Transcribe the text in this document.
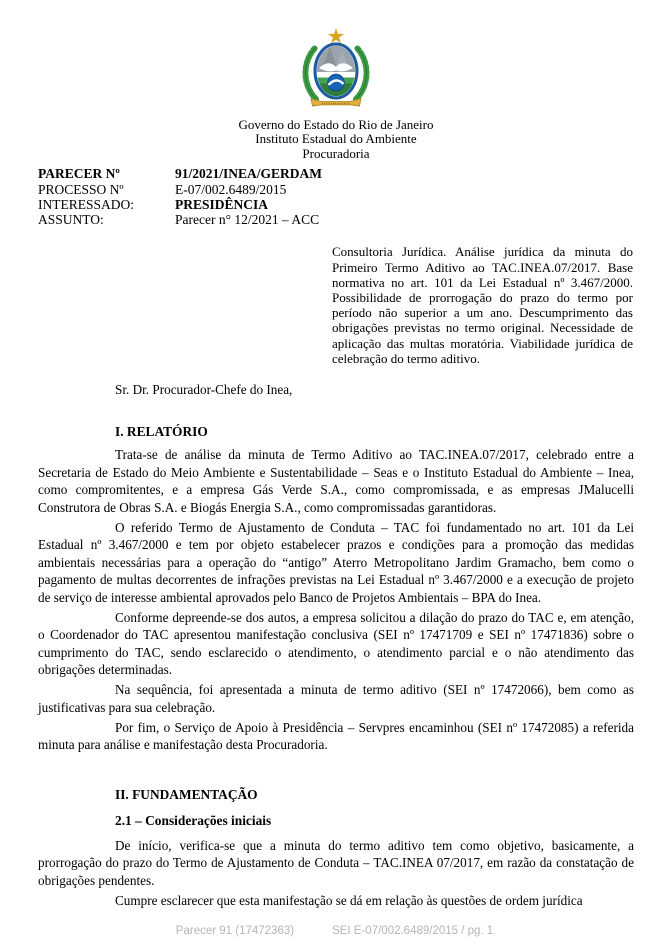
Governo do Estado do Rio de Janeiro
Instituto Estadual do Ambiente
Procuradoria
PARECER Nº	91/2021/INEA/GERDAM
PROCESSO Nº	E-07/002.6489/2015
INTERESSADO:	PRESIDÊNCIA
ASSUNTO:	Parecer n° 12/2021 – ACC
Consultoria Jurídica. Análise jurídica da minuta do Primeiro Termo Aditivo ao TAC.INEA.07/2017. Base normativa no art. 101 da Lei Estadual nº 3.467/2000. Possibilidade de prorrogação do prazo do termo por período não superior a um ano. Descumprimento das obrigações previstas no termo original. Necessidade de aplicação das multas moratória. Viabilidade jurídica de celebração do termo aditivo.
Sr. Dr. Procurador-Chefe do Inea,
I. RELATÓRIO

Trata-se de análise da minuta de Termo Aditivo ao TAC.INEA.07/2017, celebrado entre a Secretaria de Estado do Meio Ambiente e Sustentabilidade – Seas e o Instituto Estadual do Ambiente – Inea, como compromitentes, e a empresa Gás Verde S.A., como compromissada, e as empresas JMalucelli Construtora de Obras S.A. e Biogás Energia S.A., como compromissadas garantidoras.

O referido Termo de Ajustamento de Conduta – TAC foi fundamentado no art. 101 da Lei Estadual nº 3.467/2000 e tem por objeto estabelecer prazos e condições para a promoção das medidas ambientais necessárias para a operação do “antigo” Aterro Metropolitano Jardim Gramacho, bem como o pagamento de multas decorrentes de infrações previstas na Lei Estadual nº 3.467/2000 e a execução de projeto de serviço de interesse ambiental aprovados pelo Banco de Projetos Ambientais – BPA do Inea.

Conforme depreende-se dos autos, a empresa solicitou a dilação do prazo do TAC e, em atenção, o Coordenador do TAC apresentou manifestação conclusiva (SEI nº 17471709 e SEI nº 17471836) sobre o cumprimento do TAC, sendo esclarecido o atendimento, o atendimento parcial e o não atendimento das obrigações determinadas.

Na sequência, foi apresentada a minuta de termo aditivo (SEI nº 17472066), bem como as justificativas para sua celebração.

Por fim, o Serviço de Apoio à Presidência – Servpres encaminhou (SEI nº 17472085) a referida minuta para análise e manifestação desta Procuradoria.

II. FUNDAMENTAÇÃO
2.1 – Considerações iniciais

De início, verifica-se que a minuta do termo aditivo tem como objetivo, basicamente, a prorrogação do prazo do Termo de Ajustamento de Conduta – TAC.INEA 07/2017, em razão da constatação de obrigações pendentes.

Cumpre esclarecer que esta manifestação se dá em relação às questões de ordem jurídica

Parecer 91 (17472363)	SEI E-07/002.6489/2015 / pg. 1
